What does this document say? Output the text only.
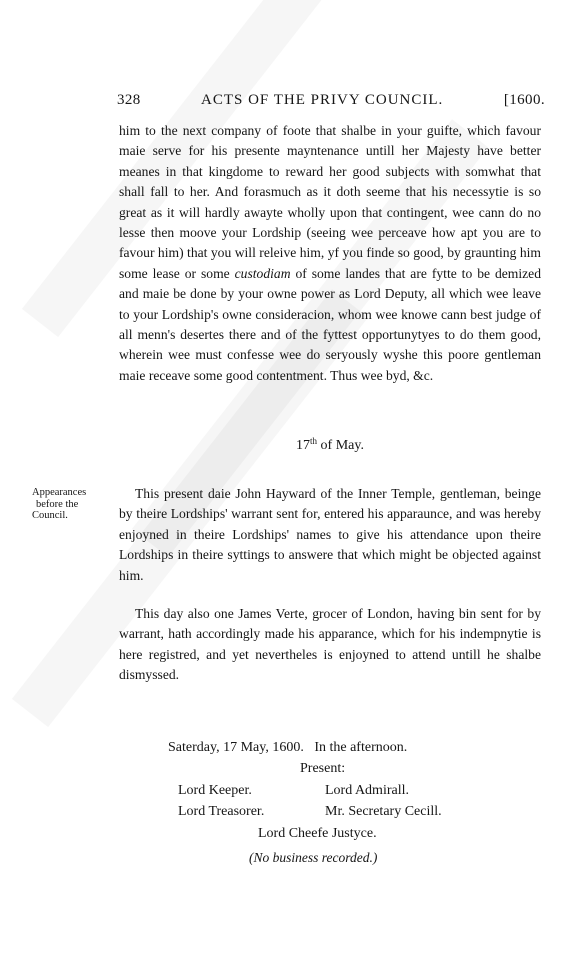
328	ACTS OF THE PRIVY COUNCIL.	[1600.
him to the next company of foote that shalbe in your guifte, which favour maie serve for his presente mayntenance untill her Majesty have better meanes in that kingdome to reward her good subjects with somwhat that shall fall to her. And forasmuch as it doth seeme that his necessytie is so great as it will hardly awayte wholly upon that contingent, wee cann do no lesse then moove your Lordship (seeing wee perceave how apt you are to favour him) that you will releive him, yf you finde so good, by graunting him some lease or some custodiam of some landes that are fytte to be demized and maie be done by your owne power as Lord Deputy, all which wee leave to your Lordship's owne consideracion, whom wee knowe cann best judge of all menn's desertes there and of the fyttest opportunytyes to do them good, wherein wee must confesse wee do seryously wyshe this poore gentleman maie receave some good contentment. Thus wee byd, &c.
17th of May.
Appearances
before the
Council.
This present daie John Hayward of the Inner Temple, gentleman, beinge by theire Lordships' warrant sent for, entered his apparaunce, and was hereby enjoyned in theire Lordships' names to give his attendance upon theire Lordships in theire syttings to answere that which might be objected against him.
This day also one James Verte, grocer of London, having bin sent for by warrant, hath accordingly made his apparance, which for his indempnytie is here registred, and yet nevertheles is enjoyned to attend untill he shalbe dismyssed.
Saterday, 17 May, 1600.   In the afternoon.
Present:
Lord Keeper.	Lord Admirall.
Lord Treasorer.	Mr. Secretary Cecill.
Lord Cheefe Justyce.
(No business recorded.)
